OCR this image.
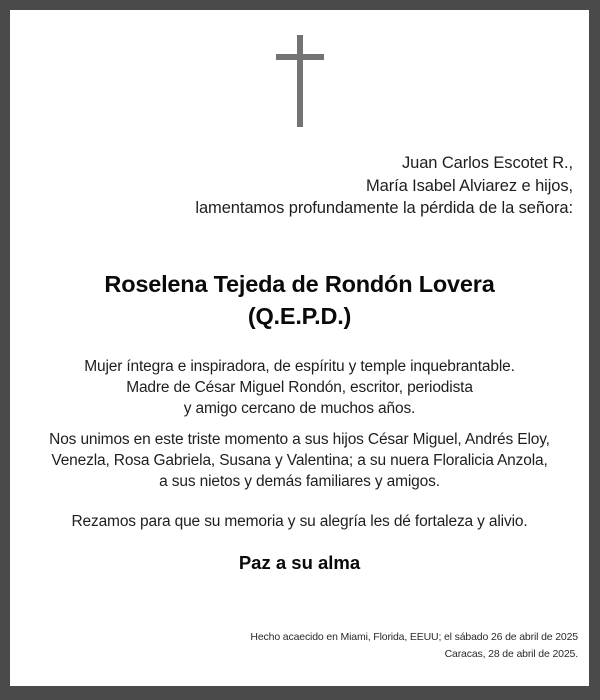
Juan Carlos Escotet R.,
María Isabel Alviarez e hijos,
lamentamos profundamente la pérdida de la señora:
Roselena Tejeda de Rondón Lovera
(Q.E.P.D.)
Mujer íntegra e inspiradora, de espíritu y temple inquebrantable.
Madre de César Miguel Rondón, escritor, periodista
y amigo cercano de muchos años.
Nos unimos en este triste momento a sus hijos César Miguel, Andrés Eloy,
Venezla, Rosa Gabriela, Susana y Valentina; a su nuera Floralicia Anzola,
a sus nietos y demás familiares y amigos.
Rezamos para que su memoria y su alegría les dé fortaleza y alivio.
Paz a su alma
Hecho acaecido en Miami, Florida, EEUU; el sábado 26 de abril de 2025
Caracas, 28 de abril de 2025.
